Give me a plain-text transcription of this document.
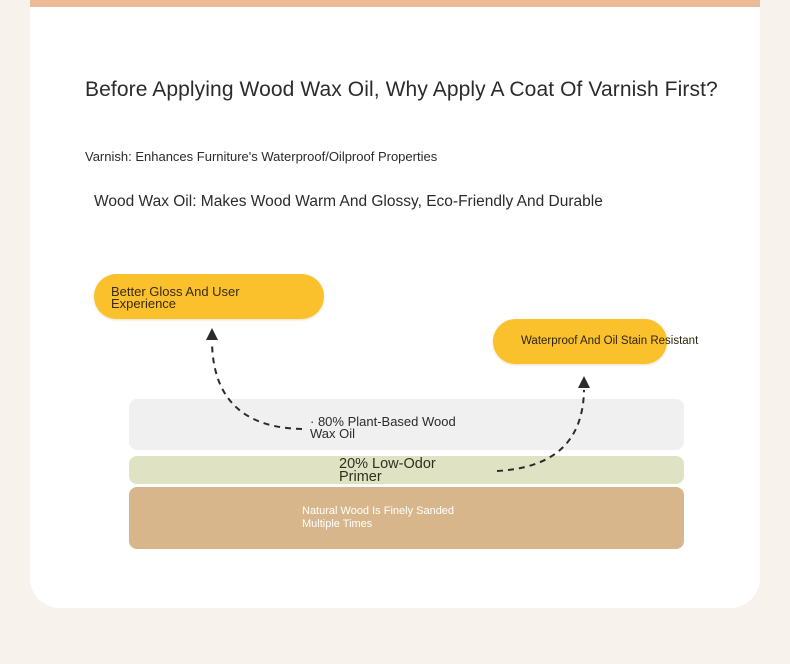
Before Applying Wood Wax Oil, Why Apply A Coat Of Varnish First?
Varnish: Enhances Furniture's Waterproof/Oilproof Properties
Wood Wax Oil: Makes Wood Warm And Glossy, Eco-Friendly And Durable
Better Gloss And User Experience
Waterproof And Oil Stain Resistant
· 80% Plant-Based Wood Wax Oil
20% Low-Odor Primer
Natural Wood Is Finely Sanded Multiple Times
